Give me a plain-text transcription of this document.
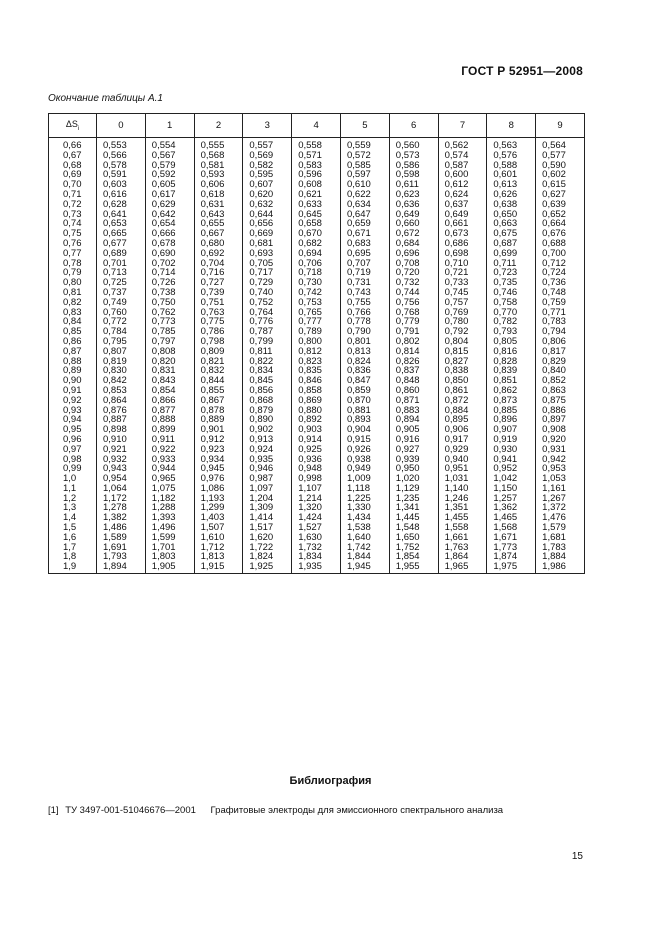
ГОСТ Р 52951—2008
Окончание таблицы А.1
$\Delta S_i$	0	1	2	3	4	5	6	7	8	9
0,66	0,553	0,554	0,555	0,557	0,558	0,559	0,560	0,562	0,563	0,564
0,67	0,566	0,567	0,568	0,569	0,571	0,572	0,573	0,574	0,576	0,577
0,68	0,578	0,579	0,581	0,582	0,583	0,585	0,586	0,587	0,588	0,590
0,69	0,591	0,592	0,593	0,595	0,596	0,597	0,598	0,600	0,601	0,602
0,70	0,603	0,605	0,606	0,607	0,608	0,610	0,611	0,612	0,613	0,615
0,71	0,616	0,617	0,618	0,620	0,621	0,622	0,623	0,624	0,626	0,627
0,72	0,628	0,629	0,631	0,632	0,633	0,634	0,636	0,637	0,638	0,639
0,73	0,641	0,642	0,643	0,644	0,645	0,647	0,649	0,649	0,650	0,652
0,74	0,653	0,654	0,655	0,656	0,658	0,659	0,660	0,661	0,663	0,664
0,75	0,665	0,666	0,667	0,669	0,670	0,671	0,672	0,673	0,675	0,676
0,76	0,677	0,678	0,680	0,681	0,682	0,683	0,684	0,686	0,687	0,688
0,77	0,689	0,690	0,692	0,693	0,694	0,695	0,696	0,698	0,699	0,700
0,78	0,701	0,702	0,704	0,705	0,706	0,707	0,708	0,710	0,711	0,712
0,79	0,713	0,714	0,716	0,717	0,718	0,719	0,720	0,721	0,723	0,724
0,80	0,725	0,726	0,727	0,729	0,730	0,731	0,732	0,733	0,735	0,736
0,81	0,737	0,738	0,739	0,740	0,742	0,743	0,744	0,745	0,746	0,748
0,82	0,749	0,750	0,751	0,752	0,753	0,755	0,756	0,757	0,758	0,759
0,83	0,760	0,762	0,763	0,764	0,765	0,766	0,768	0,769	0,770	0,771
0,84	0,772	0,773	0,775	0,776	0,777	0,778	0,779	0,780	0,782	0,783
0,85	0,784	0,785	0,786	0,787	0,789	0,790	0,791	0,792	0,793	0,794
0,86	0,795	0,797	0,798	0,799	0,800	0,801	0,802	0,804	0,805	0,806
0,87	0,807	0,808	0,809	0,811	0,812	0,813	0,814	0,815	0,816	0,817
0,88	0,819	0,820	0,821	0,822	0,823	0,824	0,826	0,827	0,828	0,829
0,89	0,830	0,831	0,832	0,834	0,835	0,836	0,837	0,838	0,839	0,840
0,90	0,842	0,843	0,844	0,845	0,846	0,847	0,848	0,850	0,851	0,852
0,91	0,853	0,854	0,855	0,856	0,858	0,859	0,860	0,861	0,862	0,863
0,92	0,864	0,866	0,867	0,868	0,869	0,870	0,871	0,872	0,873	0,875
0,93	0,876	0,877	0,878	0,879	0,880	0,881	0,883	0,884	0,885	0,886
0,94	0,887	0,888	0,889	0,890	0,892	0,893	0,894	0,895	0,896	0,897
0,95	0,898	0,899	0,901	0,902	0,903	0,904	0,905	0,906	0,907	0,908
0,96	0,910	0,911	0,912	0,913	0,914	0,915	0,916	0,917	0,919	0,920
0,97	0,921	0,922	0,923	0,924	0,925	0,926	0,927	0,929	0,930	0,931
0,98	0,932	0,933	0,934	0,935	0,936	0,938	0,939	0,940	0,941	0,942
0,99	0,943	0,944	0,945	0,946	0,948	0,949	0,950	0,951	0,952	0,953
1,0	0,954	0,965	0,976	0,987	0,998	1,009	1,020	1,031	1,042	1,053
1,1	1,064	1,075	1,086	1,097	1,107	1,118	1,129	1,140	1,150	1,161
1,2	1,172	1,182	1,193	1,204	1,214	1,225	1,235	1,246	1,257	1,267
1,3	1,278	1,288	1,299	1,309	1,320	1,330	1,341	1,351	1,362	1,372
1,4	1,382	1,393	1,403	1,414	1,424	1,434	1,445	1,455	1,465	1,476
1,5	1,486	1,496	1,507	1,517	1,527	1,538	1,548	1,558	1,568	1,579
1,6	1,589	1,599	1,610	1,620	1,630	1,640	1,650	1,661	1,671	1,681
1,7	1,691	1,701	1,712	1,722	1,732	1,742	1,752	1,763	1,773	1,783
1,8	1,793	1,803	1,813	1,824	1,834	1,844	1,854	1,864	1,874	1,884
1,9	1,894	1,905	1,915	1,925	1,935	1,945	1,955	1,965	1,975	1,986
Библиография
[1] ТУ 3497-001-51046676—2001 Графитовые электроды для эмиссионного спектрального анализа
15
